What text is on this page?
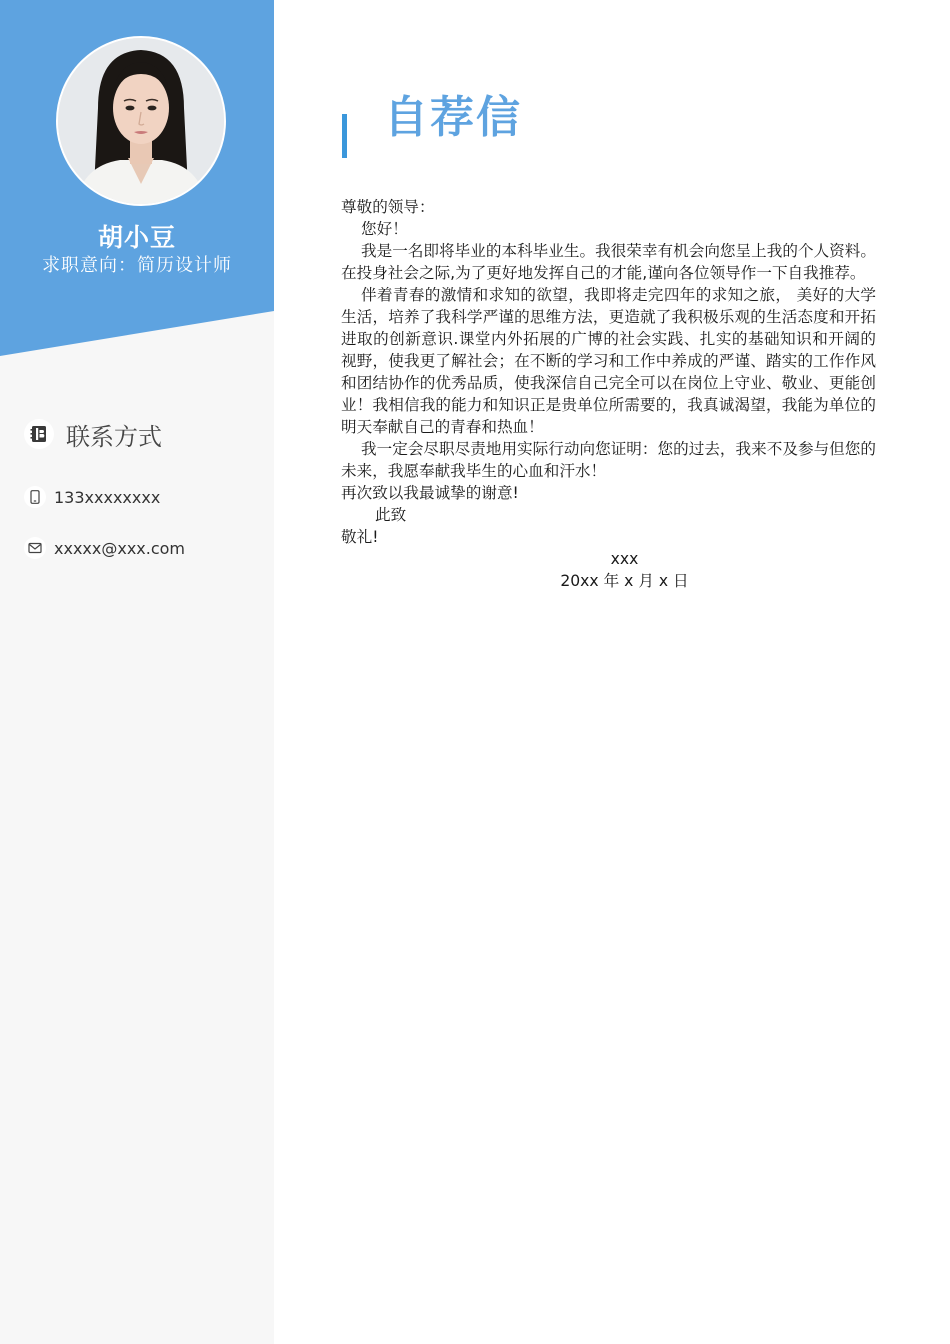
胡小豆
求职意向：简历设计师
联系方式
133xxxxxxxx
xxxxx@xxx.com
自荐信

尊敬的领导：

您好！

我是一名即将毕业的本科毕业生。我很荣幸有机会向您呈上我的个人资料。在投身社会之际,为了更好地发挥自己的才能,谨向各位领导作一下自我推荐。

伴着青春的激情和求知的欲望，我即将走完四年的求知之旅， 美好的大学生活，培养了我科学严谨的思维方法，更造就了我积极乐观的生活态度和开拓进取的创新意识.课堂内外拓展的广博的社会实践、扎实的基础知识和开阔的视野，使我更了解社会；在不断的学习和工作中养成的严谨、踏实的工作作风和团结协作的优秀品质，使我深信自己完全可以在岗位上守业、敬业、更能创业！我相信我的能力和知识正是贵单位所需要的，我真诚渴望，我能为单位的明天奉献自己的青春和热血！

我一定会尽职尽责地用实际行动向您证明：您的过去，我来不及参与但您的未来，我愿奉献我毕生的心血和汗水！

再次致以我最诚挚的谢意!

此致

敬礼!

xxx

20xx 年 x 月 x 日
